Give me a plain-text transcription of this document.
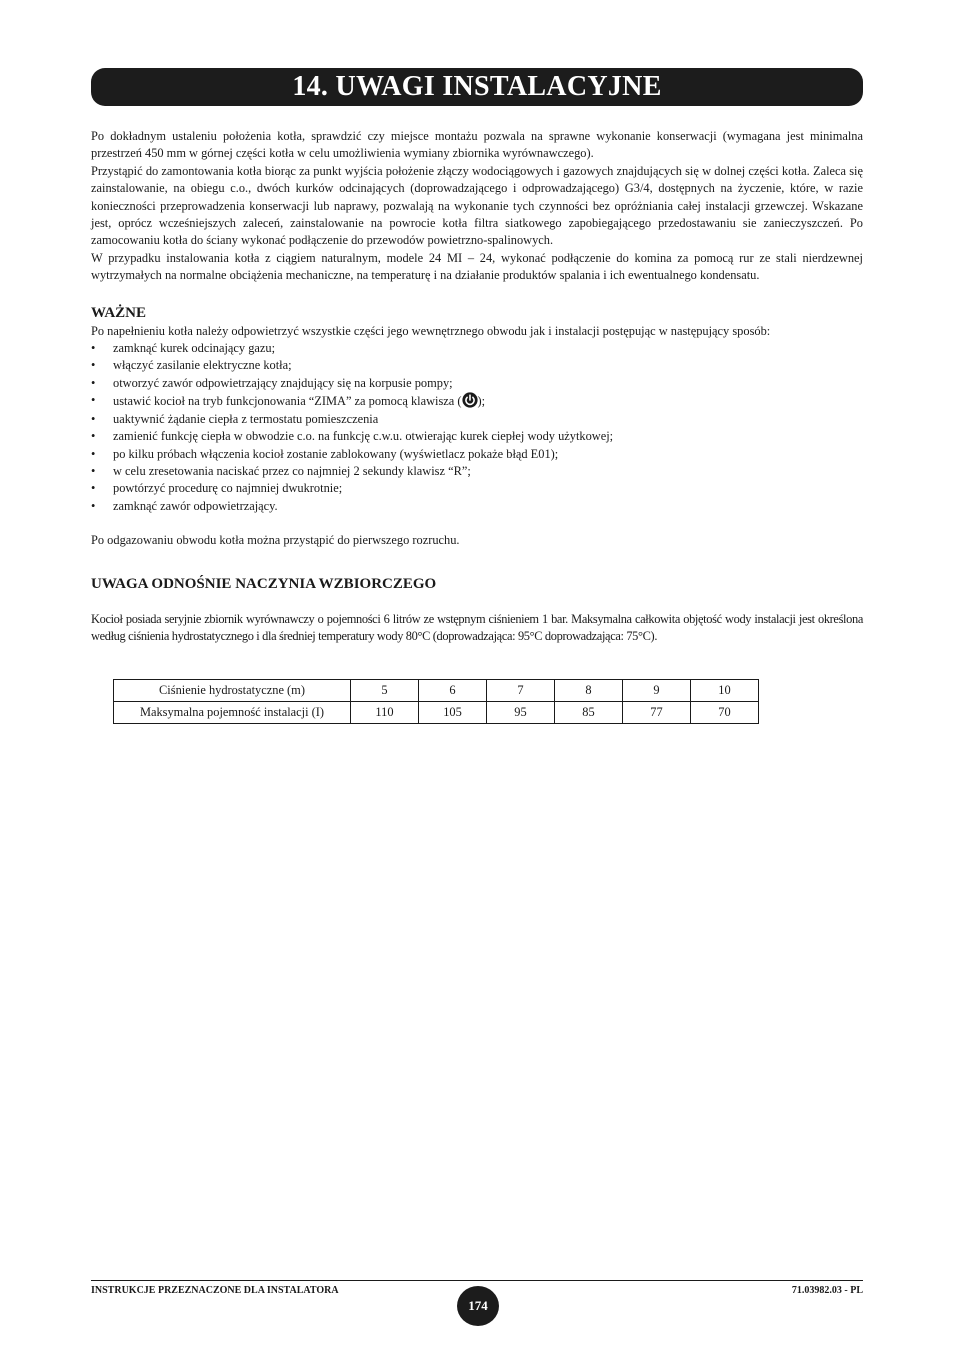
14. UWAGI INSTALACYJNE

Po dokładnym ustaleniu położenia kotła, sprawdzić czy miejsce montażu pozwala na sprawne wykonanie konserwacji (wymagana jest minimalna przestrzeń 450 mm w górnej części kotła w celu umożliwienia wymiany zbiornika wyrównawczego).

Przystąpić do zamontowania kotła biorąc za punkt wyjścia położenie złączy wodociągowych i gazowych znajdujących się w dolnej części kotła. Zaleca się zainstalowanie, na obiegu c.o., dwóch kurków odcinających (doprowadzającego i odprowadzającego) G3/4, dostępnych na życzenie, które, w razie konieczności przeprowadzenia konserwacji lub naprawy, pozwalają na wykonanie tych czynności bez opróżniania całej instalacji grzewczej. Wskazane jest, oprócz wcześniejszych zaleceń, zainstalowanie na powrocie kotła filtra siatkowego zapobiegającego przedostawaniu sie zanieczyszczeń. Po zamocowaniu kotła do ściany wykonać podłączenie do przewodów powietrzno-spalinowych.

W przypadku instalowania kotła z ciągiem naturalnym, modele 24 MI – 24, wykonać podłączenie do komina za pomocą rur ze stali nierdzewnej wytrzymałych na normalne obciążenia mechaniczne, na temperaturę i na działanie produktów spalania i ich ewentualnego kondensatu.

WAŻNE

Po napełnieniu kotła należy odpowietrzyć wszystkie części jego wewnętrznego obwodu jak i instalacji postępując w następujący sposób:

• zamknąć kurek odcinający gazu;
• włączyć zasilanie elektryczne kotła;
• otworzyć zawór odpowietrzający znajdujący się na korpusie pompy;
• ustawić kocioł na tryb funkcjonowania “ZIMA” za pomocą klawisza ( );
• uaktywnić żądanie ciepła z termostatu pomieszczenia
• zamienić funkcję ciepła w obwodzie c.o. na funkcję c.w.u. otwierając kurek ciepłej wody użytkowej;
• po kilku próbach włączenia kocioł zostanie zablokowany (wyświetlacz pokaże błąd E01);
• w celu zresetowania naciskać przez co najmniej 2 sekundy klawisz “R”;
• powtórzyć procedurę co najmniej dwukrotnie;
• zamknąć zawór odpowietrzający.

Po odgazowaniu obwodu kotła można przystąpić do pierwszego rozruchu.

UWAGA ODNOŚNIE NACZYNIA WZBIORCZEGO

Kocioł posiada seryjnie zbiornik wyrównawczy o pojemności 6 litrów ze wstępnym ciśnieniem 1 bar. Maksymalna całkowita objętość wody instalacji jest określona według ciśnienia hydrostatycznego i dla średniej temperatury wody 80°C (doprowadzająca: 95°C doprowadzająca: 75°C).

Ciśnienie hydrostatyczne (m)	5	6	7	8	9	10
Maksymalna pojemność instalacji (I)	110	105	95	85	77	70
INSTRUKCJE PRZEZNACZONE DLA INSTALATORA
174
71.03982.03 - PL
